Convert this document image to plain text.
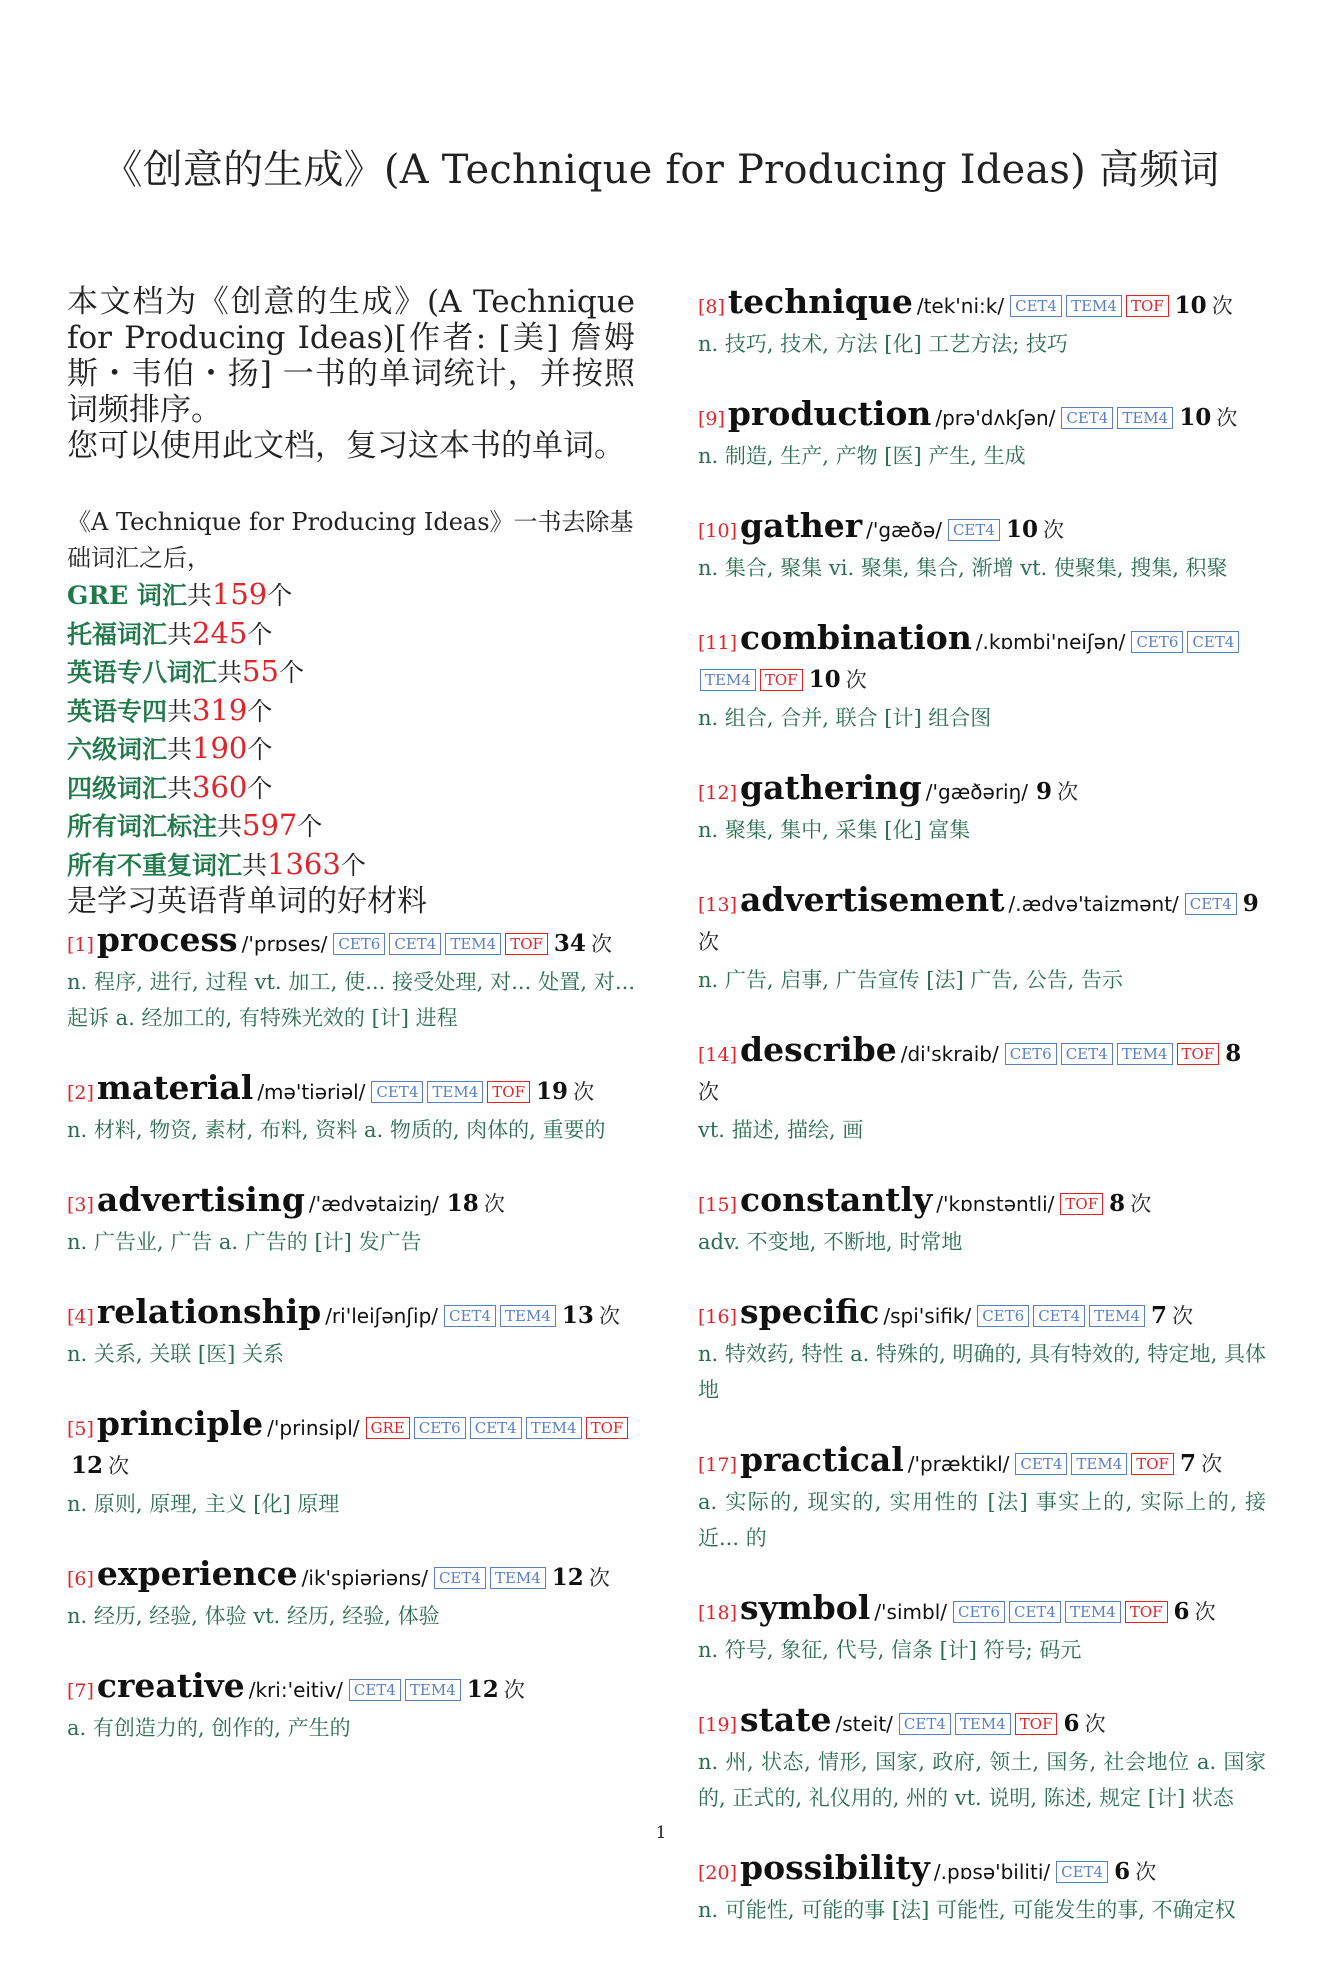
《创意的生成》(A Technique for Producing Ideas) 高频词
本文档为《创意的生成》(A Technique for Producing Ideas)[作者: [美] 詹姆斯・韦伯・扬] 一书的单词统计，并按照词频排序。
您可以使用此文档，复习这本书的单词。
《A Technique for Producing Ideas》一书去除基础词汇之后，
GRE 词汇共159个
托福词汇共245个
英语专八词汇共55个
英语专四共319个
六级词汇共190个
四级词汇共360个
所有词汇标注共597个
所有不重复词汇共1363个
是学习英语背单词的好材料
[1]process /'prɒses/ CET6 CET4 TEM4 TOF 34 次
n. 程序, 进行, 过程 vt. 加工, 使... 接受处理, 对... 处置, 对... 起诉 a. 经加工的, 有特殊光效的 [计] 进程
[2]material /mə'tiəriəl/ CET4 TEM4 TOF 19 次
n. 材料, 物资, 素材, 布料, 资料 a. 物质的, 肉体的, 重要的
[3]advertising /'ædvətaiziŋ/ 18 次
n. 广告业, 广告 a. 广告的 [计] 发广告
[4]relationship /ri'leiʃənʃip/ CET4 TEM4 13 次
n. 关系, 关联 [医] 关系
[5]principle /'prinsipl/ GRE CET6 CET4 TEM4 TOF12 次
n. 原则, 原理, 主义 [化] 原理
[6]experience /ik'spiəriəns/ CET4 TEM4 12 次
n. 经历, 经验, 体验 vt. 经历, 经验, 体验
[7]creative /kri:'eitiv/ CET4 TEM4 12 次
a. 有创造力的, 创作的, 产生的
[8]technique /tek'ni:k/ CET4 TEM4 TOF 10 次
n. 技巧, 技术, 方法 [化] 工艺方法; 技巧
[9]production /prə'dʌkʃən/ CET4 TEM4 10 次
n. 制造, 生产, 产物 [医] 产生, 生成
[10]gather /'gæðə/ CET4 10 次
n. 集合, 聚集 vi. 聚集, 集合, 渐增 vt. 使聚集, 搜集, 积聚
[11]combination /.kɒmbi'neiʃən/ CET6 CET4TEM4 TOF 10 次
n. 组合, 合并, 联合 [计] 组合图
[12]gathering /'gæðəriŋ/ 9 次
n. 聚集, 集中, 采集 [化] 富集
[13]advertisement /.ædvə'taizmənt/ CET4 9 次
n. 广告, 启事, 广告宣传 [法] 广告, 公告, 告示
[14]describe /di'skraib/ CET6 CET4 TEM4 TOF 8 次
vt. 描述, 描绘, 画
[15]constantly /'kɒnstəntli/ TOF 8 次
adv. 不变地, 不断地, 时常地
[16]specific /spi'sifik/ CET6 CET4 TEM4 7 次
n. 特效药, 特性 a. 特殊的, 明确的, 具有特效的, 特定地, 具体地
[17]practical /'præktikl/ CET4 TEM4 TOF 7 次
a. 实际的, 现实的, 实用性的 [法] 事实上的, 实际上的, 接近... 的
[18]symbol /'simbl/ CET6 CET4 TEM4 TOF 6 次
n. 符号, 象征, 代号, 信条 [计] 符号; 码元
[19]state /steit/ CET4 TEM4 TOF 6 次
n. 州, 状态, 情形, 国家, 政府, 领土, 国务, 社会地位 a. 国家的, 正式的, 礼仪用的, 州的 vt. 说明, 陈述, 规定 [计] 状态
[20]possibility /.pɒsə'biliti/ CET4 6 次
n. 可能性, 可能的事 [法] 可能性, 可能发生的事, 不确定权
1
